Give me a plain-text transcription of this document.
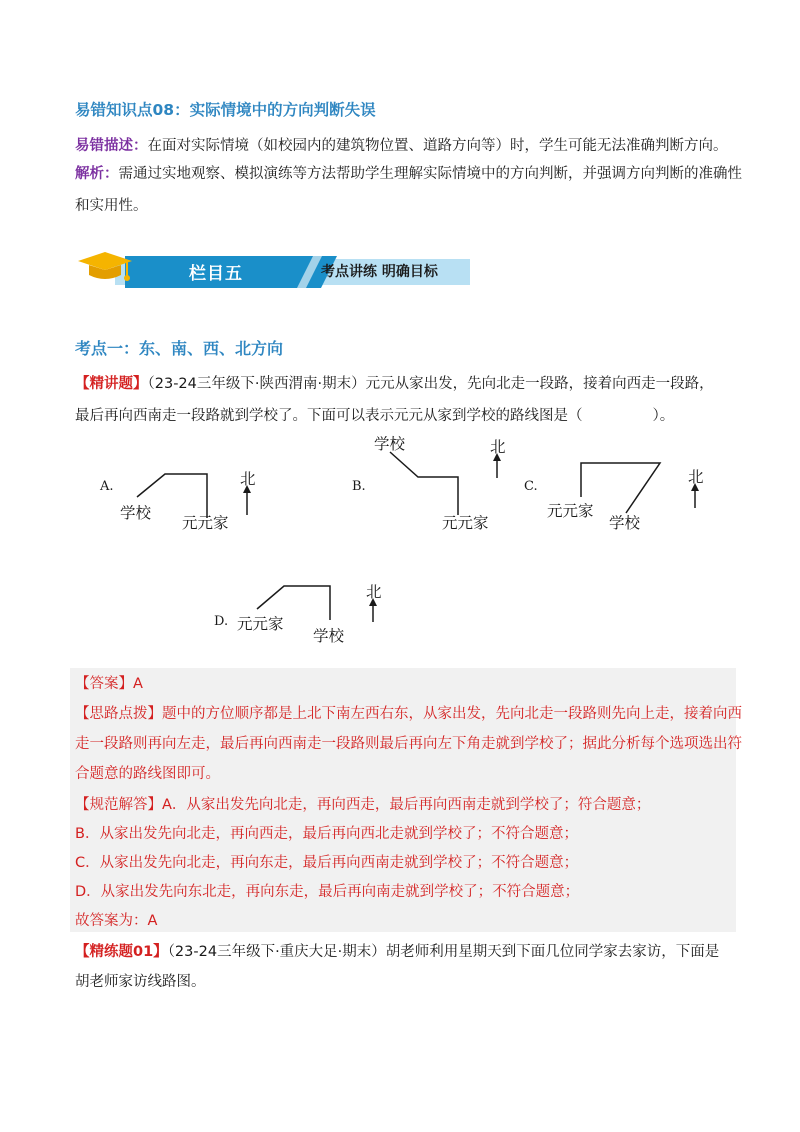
易错知识点08：实际情境中的方向判断失误
易错描述：在面对实际情境（如校园内的建筑物位置、道路方向等）时，学生可能无法准确判断方向。
解析：需通过实地观察、模拟演练等方法帮助学生理解实际情境中的方向判断，并强调方向判断的准确性
和实用性。
栏目五	考点讲练 明确目标
考点一：东、南、西、北方向
【精讲题】（23-24三年级下·陕西渭南·期末）元元从家出发，先向北走一段路，接着向西走一段路，
最后再向西南走一段路就到学校了。下面可以表示元元从家到学校的路线图是（	）。
A.
学校
元元家
北	B.
学校
元元家
北
C.
元元家
学校
北
D. 元元家
学校
北
【答案】A
【思路点拨】题中的方位顺序都是上北下南左西右东，从家出发，先向北走一段路则先向上走，接着向西
走一段路则再向左走，最后再向西南走一段路则最后再向左下角走就到学校了；据此分析每个选项选出符
合题意的路线图即可。
【规范解答】A．从家出发先向北走，再向西走，最后再向西南走就到学校了；符合题意；
B．从家出发先向北走，再向西走，最后再向西北走就到学校了；不符合题意；
C．从家出发先向北走，再向东走，最后再向西南走就到学校了；不符合题意；
D．从家出发先向东北走，再向东走，最后再向南走就到学校了；不符合题意；
故答案为：A
【精练题01】（23-24三年级下·重庆大足·期末）胡老师利用星期天到下面几位同学家去家访，下面是
胡老师家访线路图。
